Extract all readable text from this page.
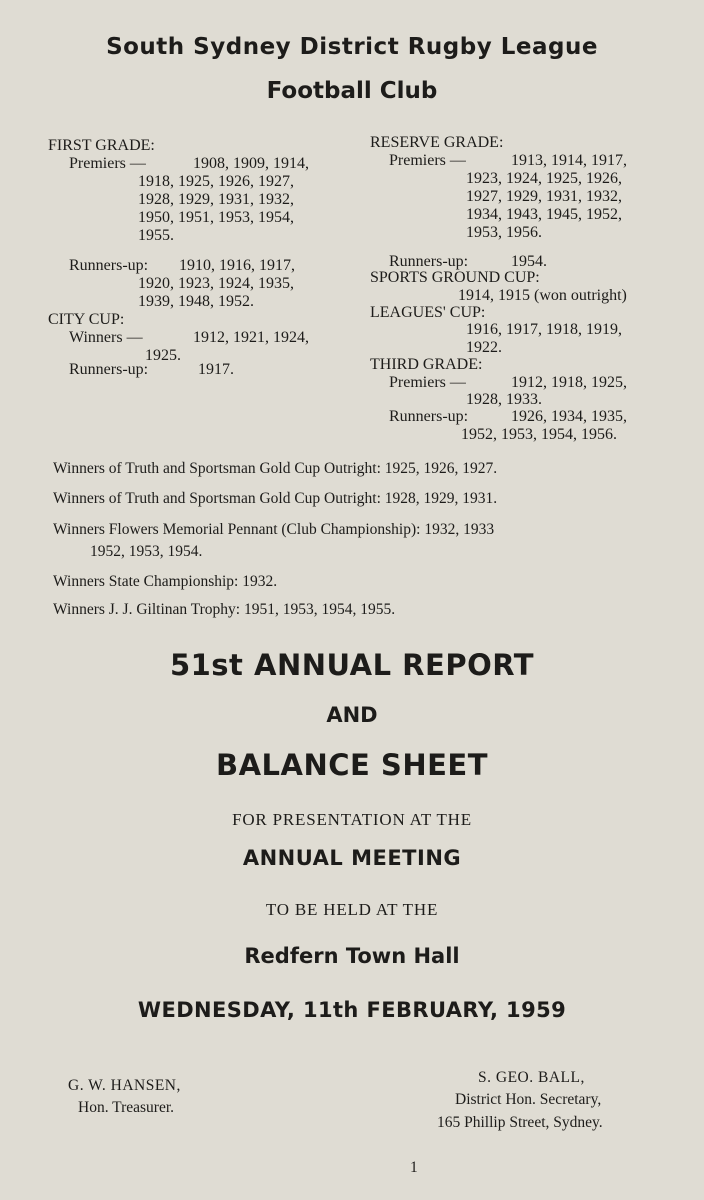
South Sydney District Rugby League
Football Club
FIRST GRADE:
Premiers —	1908, 1909, 1914,
1918, 1925, 1926, 1927,
1928, 1929, 1931, 1932,
1950, 1951, 1953, 1954,
1955.
Runners-up: 1910, 1916, 1917,
1920, 1923, 1924, 1935,
1939, 1948, 1952.
CITY CUP:
Winners —	1912, 1921, 1924,
1925.
Runners-up:	1917.
RESERVE GRADE:
Premiers —	1913, 1914, 1917,
1923, 1924, 1925, 1926,
1927, 1929, 1931, 1932,
1934, 1943, 1945, 1952,
1953, 1956.
Runners-up:	1954.
SPORTS GROUND CUP:
1914, 1915 (won outright)
LEAGUES' CUP:
1916, 1917, 1918, 1919,
1922.
THIRD GRADE:
Premiers —	1912, 1918, 1925,
1928, 1933.
Runners-up:	1926, 1934, 1935,
1952, 1953, 1954, 1956.
Winners of Truth and Sportsman Gold Cup Outright: 1925, 1926, 1927.
Winners of Truth and Sportsman Gold Cup Outright: 1928, 1929, 1931.
Winners Flowers Memorial Pennant (Club Championship): 1932, 1933
1952, 1953, 1954.
Winners State Championship: 1932.
Winners J. J. Giltinan Trophy: 1951, 1953, 1954, 1955.
51st ANNUAL REPORT
AND
BALANCE SHEET
FOR PRESENTATION AT THE
ANNUAL MEETING
TO BE HELD AT THE
Redfern Town Hall
WEDNESDAY, 11th FEBRUARY, 1959
G. W. HANSEN,
Hon. Treasurer.
S. GEO. BALL,
District Hon. Secretary,
165 Phillip Street, Sydney.
1
